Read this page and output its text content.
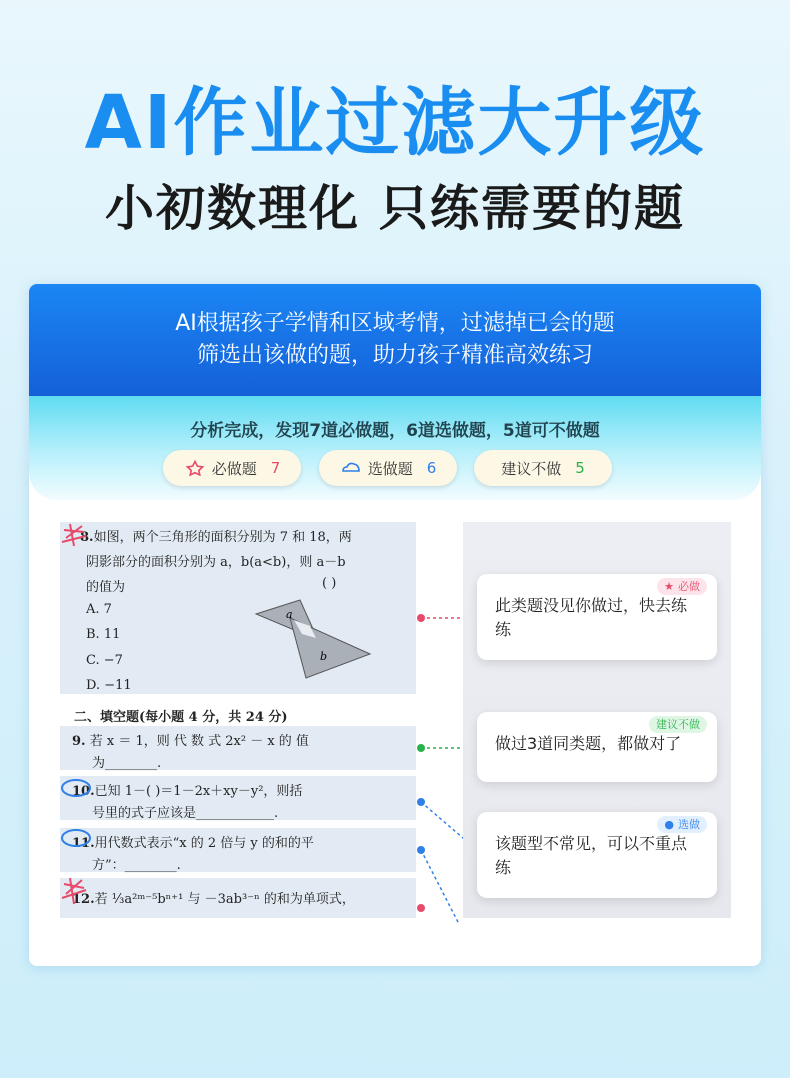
AI作业过滤大升级
小初数理化 只练需要的题
AI根据孩子学情和区域考情，过滤掉已会的题
筛选出该做的题，助力孩子精准高效练习
分析完成，发现7道必做题，6道选做题，5道可不做题
必做题 7	选做题 6	建议不做 5
8.如图，两个三角形的面积分别为 7 和 18，两
阴影部分的面积分别为 a，b(a<b)，则 a－b
的值为	( )
A. 7
B. 11
C. −7
D. −11
a
b
二、填空题(每小题 4 分，共 24 分)
9. 若 x ＝ 1，则 代 数 式 2x² － x 的 值
为________.
10.已知 1－( )＝1－2x＋xy－y²，则括
号里的式子应该是____________.
11.用代数式表示“x 的 2 倍与 y 的和的平
方”：________.
12.若 ⅓a²ᵐ⁻⁵bⁿ⁺¹ 与 －3ab³⁻ⁿ 的和为单项式，
★ 必做
此类题没见你做过，快去练练
建议不做
做过3道同类题，都做对了
● 选做
该题型不常见，可以不重点练
